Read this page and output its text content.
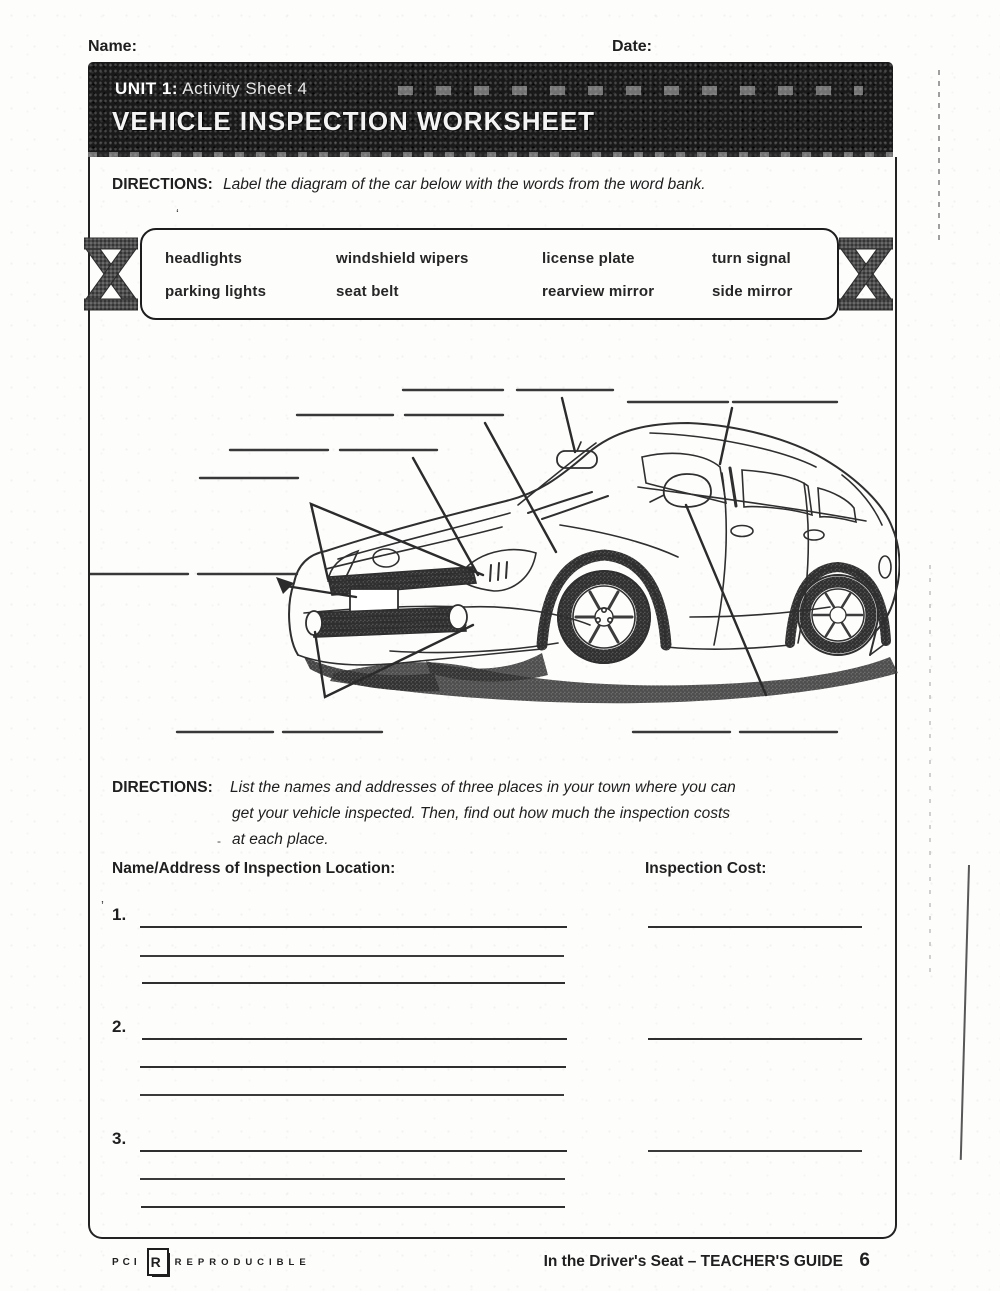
Name:	Date:
UNIT 1: Activity Sheet 4
VEHICLE INSPECTION WORKSHEET
DIRECTIONS: Label the diagram of the car below with the words from the word bank.
headlights	windshield wipers	license plate	turn signal
parking lights	seat belt	rearview mirror	side mirror
DIRECTIONS: List the names and addresses of three places in your town where you can
get your vehicle inspected. Then, find out how much the inspection costs
at each place.
-
Name/Address of Inspection Location:	Inspection Cost:
’ 1.
2.
3.
PCI R REPRODUCIBLE	In the Driver's Seat – TEACHER'S GUIDE 6
‘
